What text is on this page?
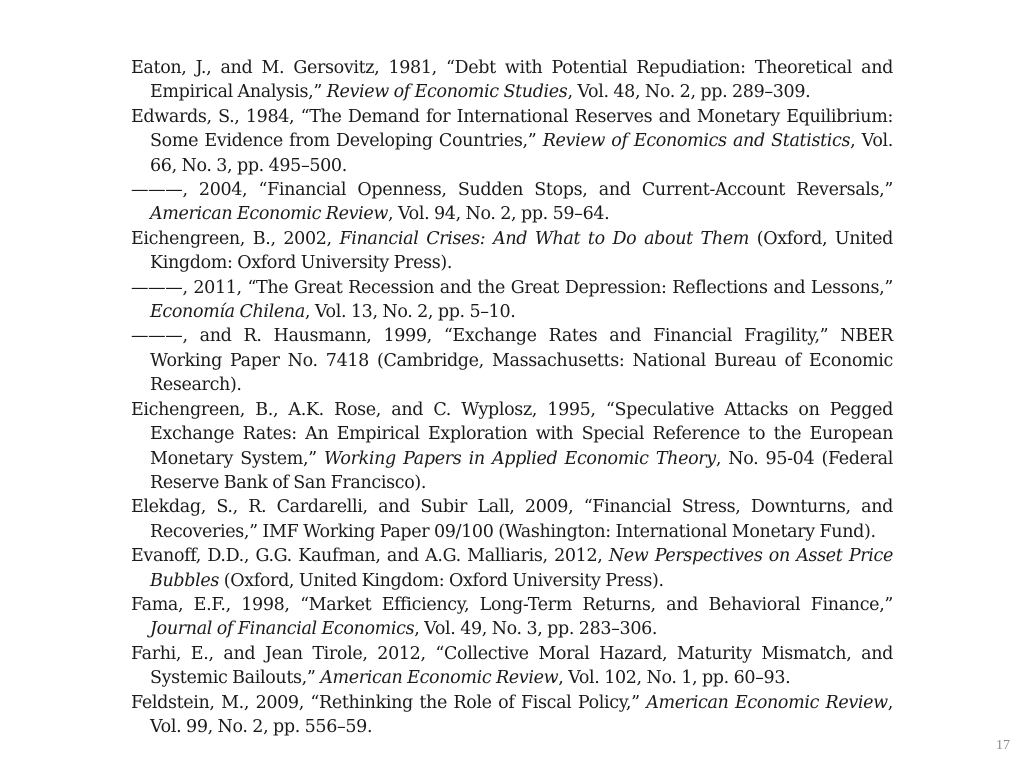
Eaton, J., and M. Gersovitz, 1981, “Debt with Potential Repudiation: Theoretical and Empirical Analysis,” Review of Economic Studies, Vol. 48, No. 2, pp. 289–309.

Edwards, S., 1984, “The Demand for International Reserves and Monetary Equilibrium: Some Evidence from Developing Countries,” Review of Economics and Statistics, Vol. 66, No. 3, pp. 495–500.

———, 2004, “Financial Openness, Sudden Stops, and Current-Account Reversals,” American Economic Review, Vol. 94, No. 2, pp. 59–64.

Eichengreen, B., 2002, Financial Crises: And What to Do about Them (Oxford, United Kingdom: Oxford University Press).

———, 2011, “The Great Recession and the Great Depression: Reflections and Lessons,” Economía Chilena, Vol. 13, No. 2, pp. 5–10.

———, and R. Hausmann, 1999, “Exchange Rates and Financial Fragility,” NBER Working Paper No. 7418 (Cambridge, Massachusetts: National Bureau of Economic Research).

Eichengreen, B., A.K. Rose, and C. Wyplosz, 1995, “Speculative Attacks on Pegged Exchange Rates: An Empirical Exploration with Special Reference to the European Monetary System,” Working Papers in Applied Economic Theory, No. 95-04 (Federal Reserve Bank of San Francisco).

Elekdag, S., R. Cardarelli, and Subir Lall, 2009, “Financial Stress, Downturns, and Recoveries,” IMF Working Paper 09/100 (Washington: International Monetary Fund).

Evanoff, D.D., G.G. Kaufman, and A.G. Malliaris, 2012, New Perspectives on Asset Price Bubbles (Oxford, United Kingdom: Oxford University Press).

Fama, E.F., 1998, “Market Efficiency, Long-Term Returns, and Behavioral Finance,” Journal of Financial Economics, Vol. 49, No. 3, pp. 283–306.

Farhi, E., and Jean Tirole, 2012, “Collective Moral Hazard, Maturity Mismatch, and Systemic Bailouts,” American Economic Review, Vol. 102, No. 1, pp. 60–93.

Feldstein, M., 2009, “Rethinking the Role of Fiscal Policy,” American Economic Review, Vol. 99, No. 2, pp. 556–59.

17
